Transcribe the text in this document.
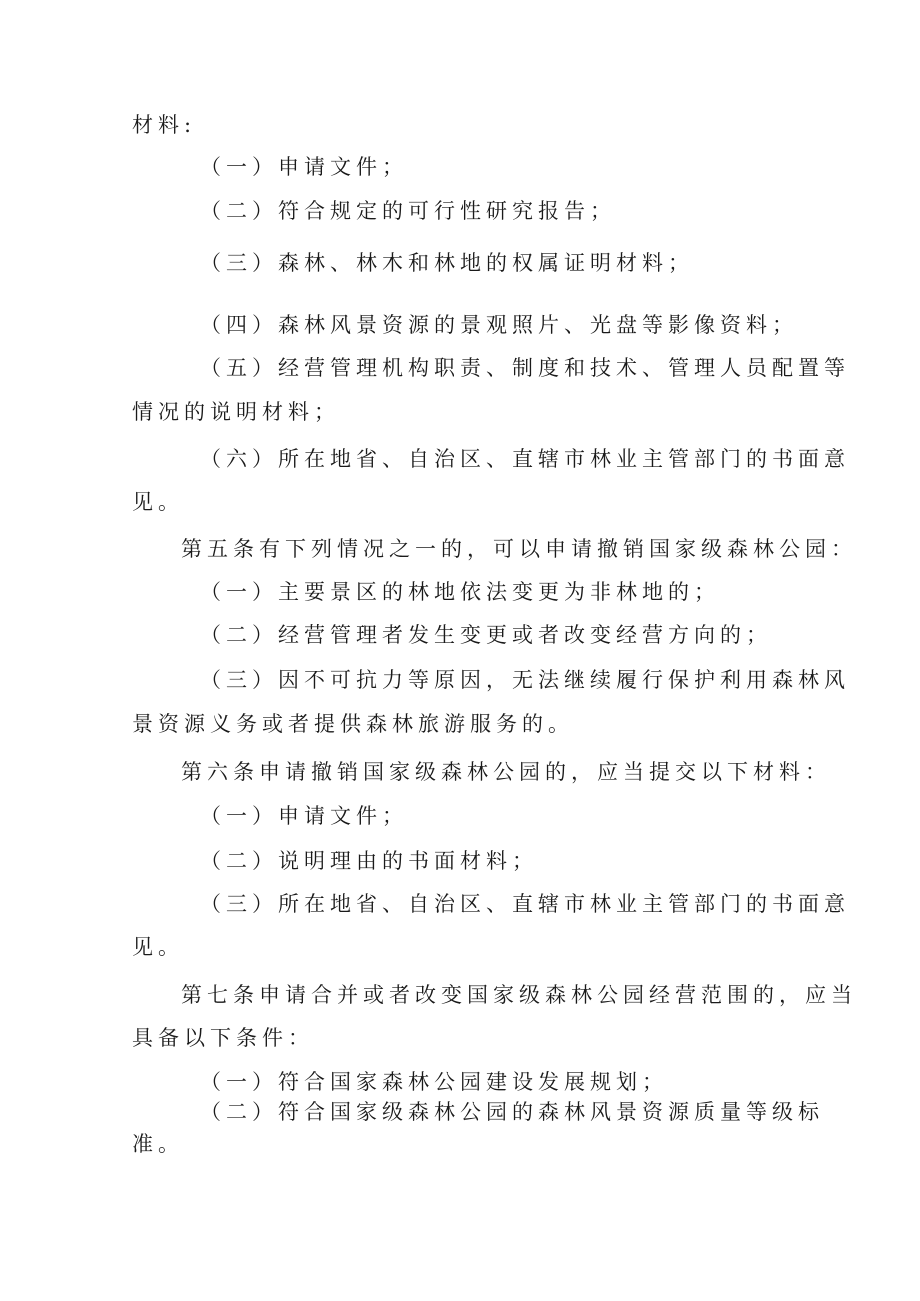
材料:
（一）申请文件；
（二）符合规定的可行性研究报告；
（三）森林、林木和林地的权属证明材料；
（四）森林风景资源的景观照片、光盘等影像资料；
（五）经营管理机构职责、制度和技术、管理人员配置等
情况的说明材料；
（六）所在地省、自治区、直辖市林业主管部门的书面意
见。
第五条有下列情况之一的，可以申请撤销国家级森林公园：
（一）主要景区的林地依法变更为非林地的；
（二）经营管理者发生变更或者改变经营方向的；
（三）因不可抗力等原因，无法继续履行保护利用森林风
景资源义务或者提供森林旅游服务的。
第六条申请撤销国家级森林公园的，应当提交以下材料：
（一）申请文件；
（二）说明理由的书面材料；
（三）所在地省、自治区、直辖市林业主管部门的书面意
见。
第七条申请合并或者改变国家级森林公园经营范围的，应当
具备以下条件：
（一）符合国家森林公园建设发展规划；
（二）符合国家级森林公园的森林风景资源质量等级标
准。
